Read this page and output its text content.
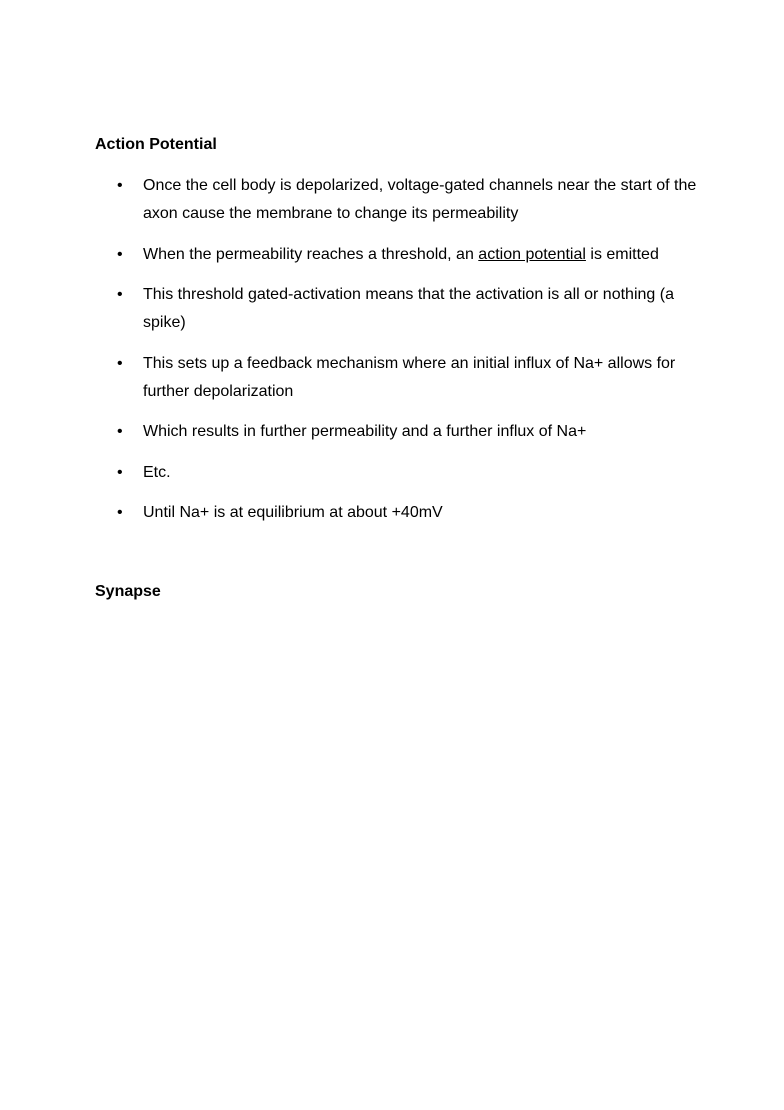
Action Potential
• Once the cell body is depolarized, voltage-gated channels near the start of the axon cause the membrane to change its permeability
• When the permeability reaches a threshold, an action potential is emitted
• This threshold gated-activation means that the activation is all or nothing (a spike)
• This sets up a feedback mechanism where an initial influx of Na+ allows for further depolarization
• Which results in further permeability and a further influx of Na+
• Etc.
• Until Na+ is at equilibrium at about +40mV
Synapse
